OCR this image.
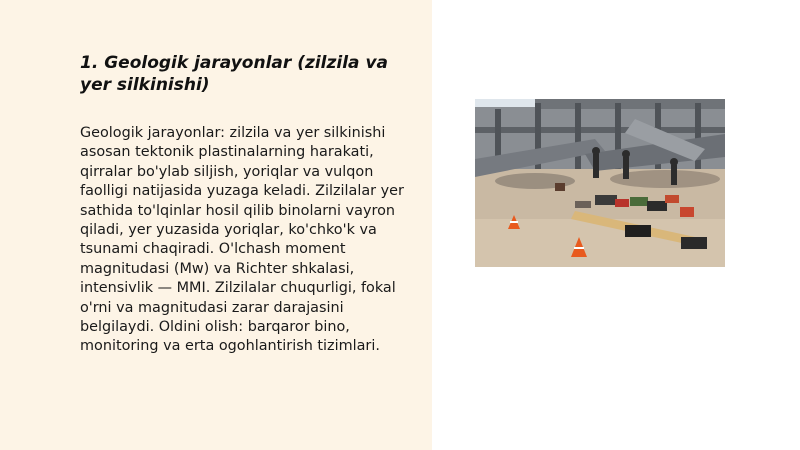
1. Geologik jarayonlar (zilzila va yer silkinishi)

Geologik jarayonlar: zilzila va yer silkinishi asosan tektonik plastinalarning harakati, qirralar bo'ylab siljish, yoriqlar va vulqon faolligi natijasida yuzaga keladi. Zilzilalar yer sathida to'lqinlar hosil qilib binolarni vayron qiladi, yer yuzasida yoriqlar, ko'chko'k va tsunami chaqiradi. O'lchash moment magnitudasi (Mw) va Richter shkalasi, intensivlik — MMI. Zilzilalar chuqurligi, fokal o'rni va magnitudasi zarar darajasini belgilaydi. Oldini olish: barqaror bino, monitoring va erta ogohlantirish tizimlari.
